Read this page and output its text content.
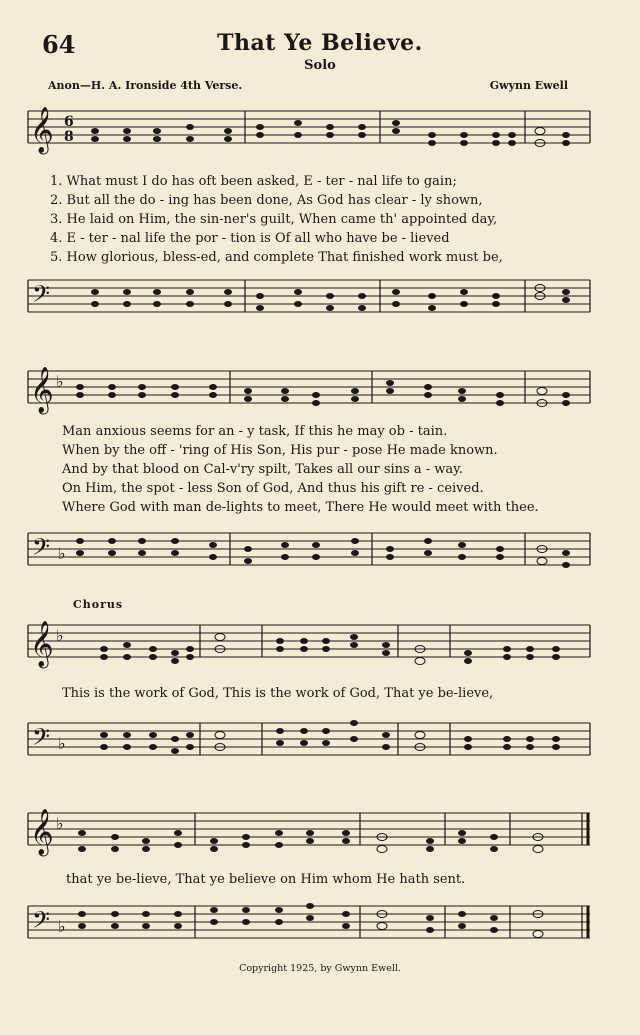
64	That Ye Believe.
Solo
Anon—H. A. Ironside 4th Verse.	Gwynn Ewell
𝄞 6
8
1. What must I do has oft been asked, E - ter - nal life to gain;
2. But all the do - ing has been done, As God has clear - ly shown,
3. He laid on Him, the sin-ner's guilt, When came th' appointed day,
4. E - ter - nal life the por - tion is Of all who have be - lieved
5. How glorious, bless-ed, and complete That finished work must be,
𝄢
𝄞 ♭
Man anxious seems for an - y task, If this he may ob - tain.
When by the off - 'ring of His Son, His pur - pose He made known.
And by that blood on Cal-v'ry spilt, Takes all our sins a - way.
On Him, the spot - less Son of God, And thus his gift re - ceived.
Where God with man de-lights to meet, There He would meet with thee.
𝄢 ♭
Chorus
𝄞 ♭
This is the work of God, This is the work of God, That ye be-lieve,
𝄢 ♭
𝄞 ♭
that ye be-lieve, That ye believe on Him whom He hath sent.
𝄢 ♭
Copyright 1925, by Gwynn Ewell.
